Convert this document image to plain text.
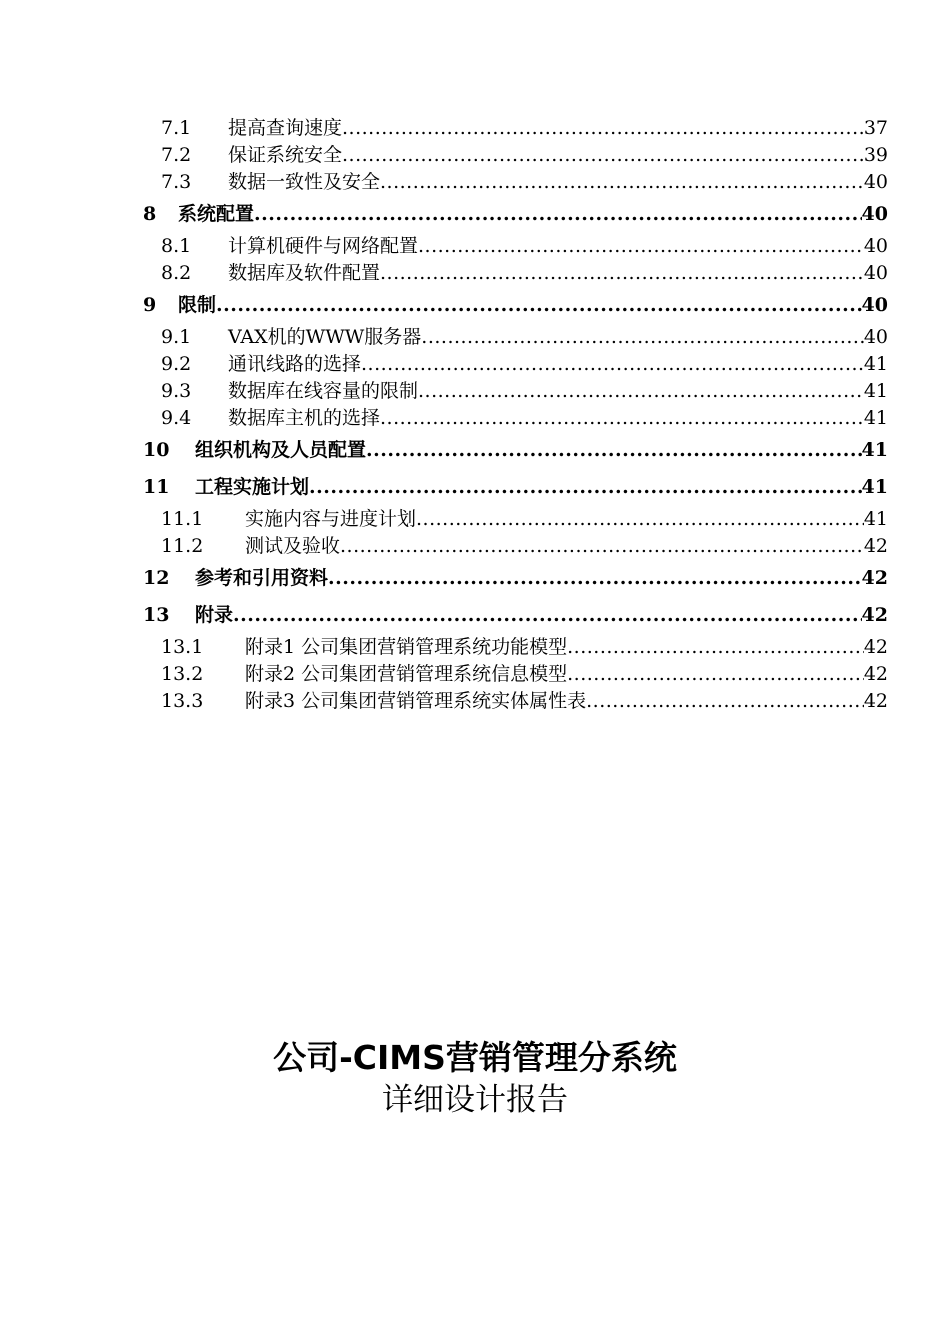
7.1 提高查询速度 .....	37
7.2 保证系统安全 .....	39
7.3 数据一致性及安全 .....	40
8 系统配置 .....	40
8.1 计算机硬件与网络配置 .....	40
8.2 数据库及软件配置 .....	40
9 限制 .....	40
9.1 VAX机的WWW服务器 .....	40
9.2 通讯线路的选择 .....	41
9.3 数据库在线容量的限制 .....	41
9.4 数据库主机的选择 .....	41
10 组织机构及人员配置 .....	41
11 工程实施计划 .....	41
11.1 实施内容与进度计划 .....	41
11.2 测试及验收 .....	42
12 参考和引用资料 .....	42
13 附录 .....	42
13.1 附录1 公司集团营销管理系统功能模型 .....	42
13.2 附录2 公司集团营销管理系统信息模型 .....	42
13.3 附录3 公司集团营销管理系统实体属性表 .....	42
公司-CIMS营销管理分系统
详细设计报告
